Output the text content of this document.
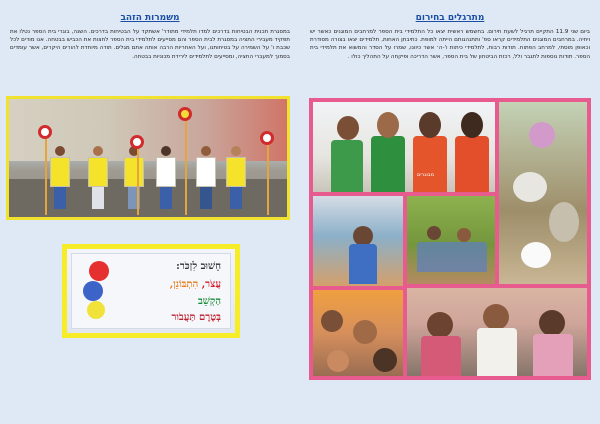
משמרות הזהב
במסגרת תכנית הבטיחות בדרכים למדו תלמידי מתודר' אשתקד על הבטיחות בדרכים. השנה, בוגרי בית הספר נטלו את תפקיד מעבירי התציה במסגרת לבית הספר והם מסייעים לתלמידי בית הספר לחצות את הכביש בבטחה. אנו מודים לכל שכבת ו' על השמירה על בטיחותנו, ועל האחריות הרבה אותה אתם מגלים. תודה מיוחדת להורים היקרים, אשר עומדים בסמוך למעברי החציה, ומסייעים לתלמידים לירידת מכוניות בבטחה.
חָשׁוּב לִזְכֹּר:
עֲצֹר, הִתְבּוֹנֵן,
הַקְשֵׁב
בְּטֶרֶם תַּעֲבֹור
מתרגלים בחירום
ביום שני 11.9 התקיים תרגיל לשעת חירום. בחשמש ראשית יצאו כל התלמידי בית הספר למרחבים המוגנים כאשר יש ויחיה. במרחבים המוגנים התלמידים קראו ספ' ותתנהגותם הייתה למופת. כתיבתן האחות, תלמידים יצאו בצורה מסודרת וכאופן מוסתי, למרחב הפתוח. תודות רבות, לתלמידי כיתות ו'-ה׳ אשר כיוונו, שמרו על הסדר והמשוא את תלמידי בית הספר. תודות נוספות לתגבר ולל, רכזת הביטחון של בית הספר, אשר הדריכה ופיקחה על התהליך כולו .
מבוגרים
